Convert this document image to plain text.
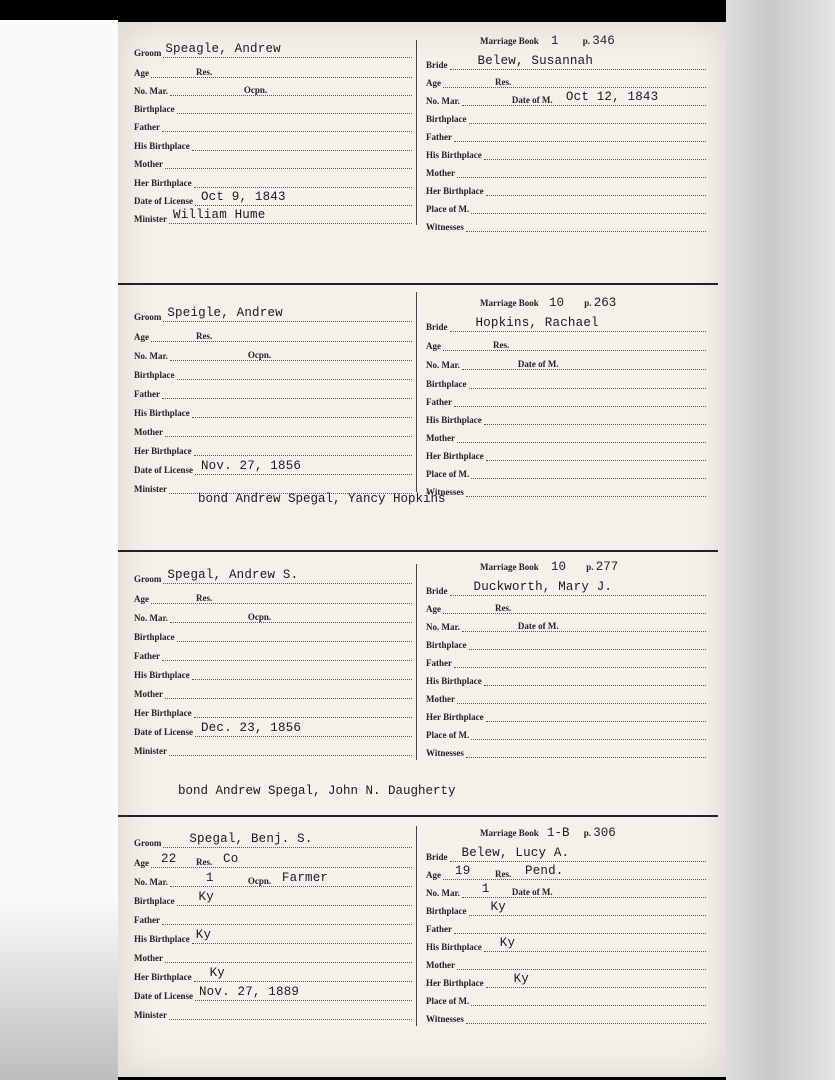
Groom Speagle, Andrew
Age	Res.
No. Mar.	Ocpn.
Birthplace
Father
His Birthplace
Mother
Her Birthplace
Date of License Oct 9, 1843
Minister William Hume
Marriage Book 1	p. 346
Bride Belew, Susannah
Age	Res.
No. Mar.	Date of M. Oct 12, 1843
Birthplace
Father
His Birthplace
Mother
Her Birthplace
Place of M.
Witnesses
Groom Speigle, Andrew
Age	Res.
No. Mar.	Ocpn.
Birthplace
Father
His Birthplace
Mother
Her Birthplace
Date of License Nov. 27, 1856
Minister
bond Andrew Spegal, Yancy Hopkins
Marriage Book 10 p. 263
Bride Hopkins, Rachael
Age	Res.
No. Mar.	Date of M.
Birthplace
Father
His Birthplace
Mother
Her Birthplace
Place of M.
Witnesses
Groom Spegal, Andrew S.
Age	Res.
No. Mar.	Ocpn.
Birthplace
Father
His Birthplace
Mother
Her Birthplace
Date of License Dec. 23, 1856
Minister
bond Andrew Spegal, John N. Daugherty
Marriage Book 10 p. 277
Bride Duckworth, Mary J.
Age	Res.
No. Mar.	Date of M.
Birthplace
Father
His Birthplace
Mother
Her Birthplace
Place of M.
Witnesses
Groom Spegal, Benj. S.
Age 22 Res. Co
No. Mar.	1	Ocpn. Farmer
Birthplace Ky
Father
His Birthplace Ky
Mother
Her Birthplace Ky
Date of License Nov. 27, 1889
Minister
Marriage Book 1-B p. 306
Bride Belew, Lucy A.
Age 19	Res. Pend.
No. Mar. 1 Date of M.
Birthplace Ky
Father
His Birthplace Ky
Mother
Her Birthplace Ky
Place of M.
Witnesses
